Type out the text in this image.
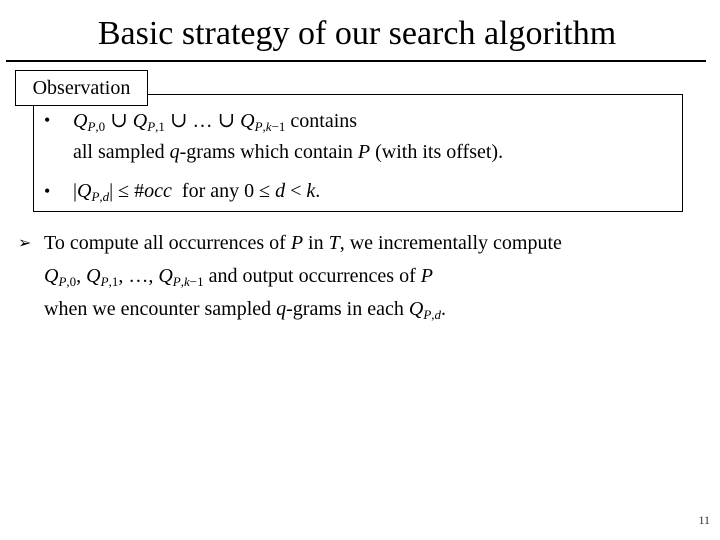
Basic strategy of our search algorithm
Observation
• $Q_{P,0}$ ∪ $Q_{P,1}$ ∪ … ∪ $Q_{P,k-1}$ contains
all sampled q-grams which contain P (with its offset).
• $|Q_{P,d}|$ ≤ #occ  for any 0 ≤ d < k.
➢ To compute all occurrences of P in T, we incrementally compute
$Q_{P,0}$, $Q_{P,1}$, …, $Q_{P,k-1}$ and output occurrences of P
when we encounter sampled q-grams in each $Q_{P,d}$.
11
